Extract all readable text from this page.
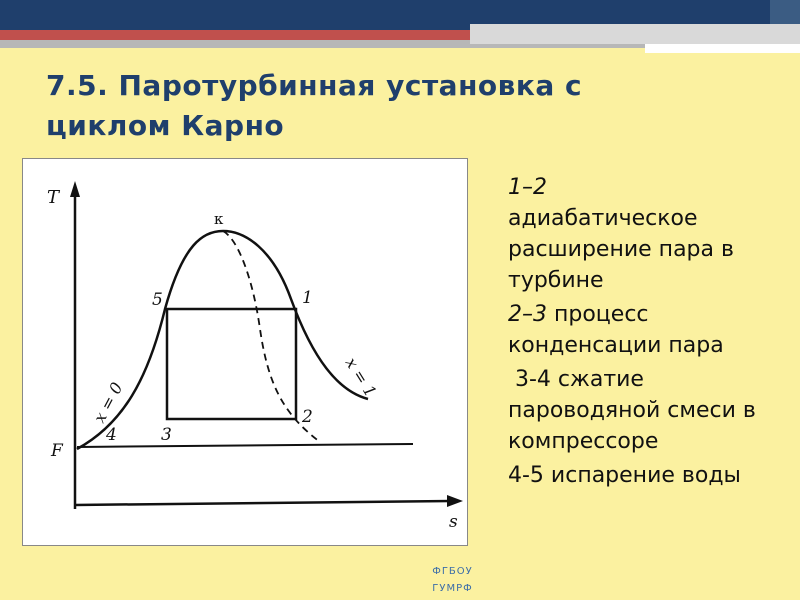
7.5. Паротурбинная установка с
циклом Карно
T
s
F
к
5	1
2
3
4
x = 0
x = 1

1–2
адиабатическое расширение пара в турбине

2–3 процесс конденсации пара

3-4 сжатие пароводяной смеси в компрессоре

4-5 испарение воды

ФГБОУ
ГУМРФ
